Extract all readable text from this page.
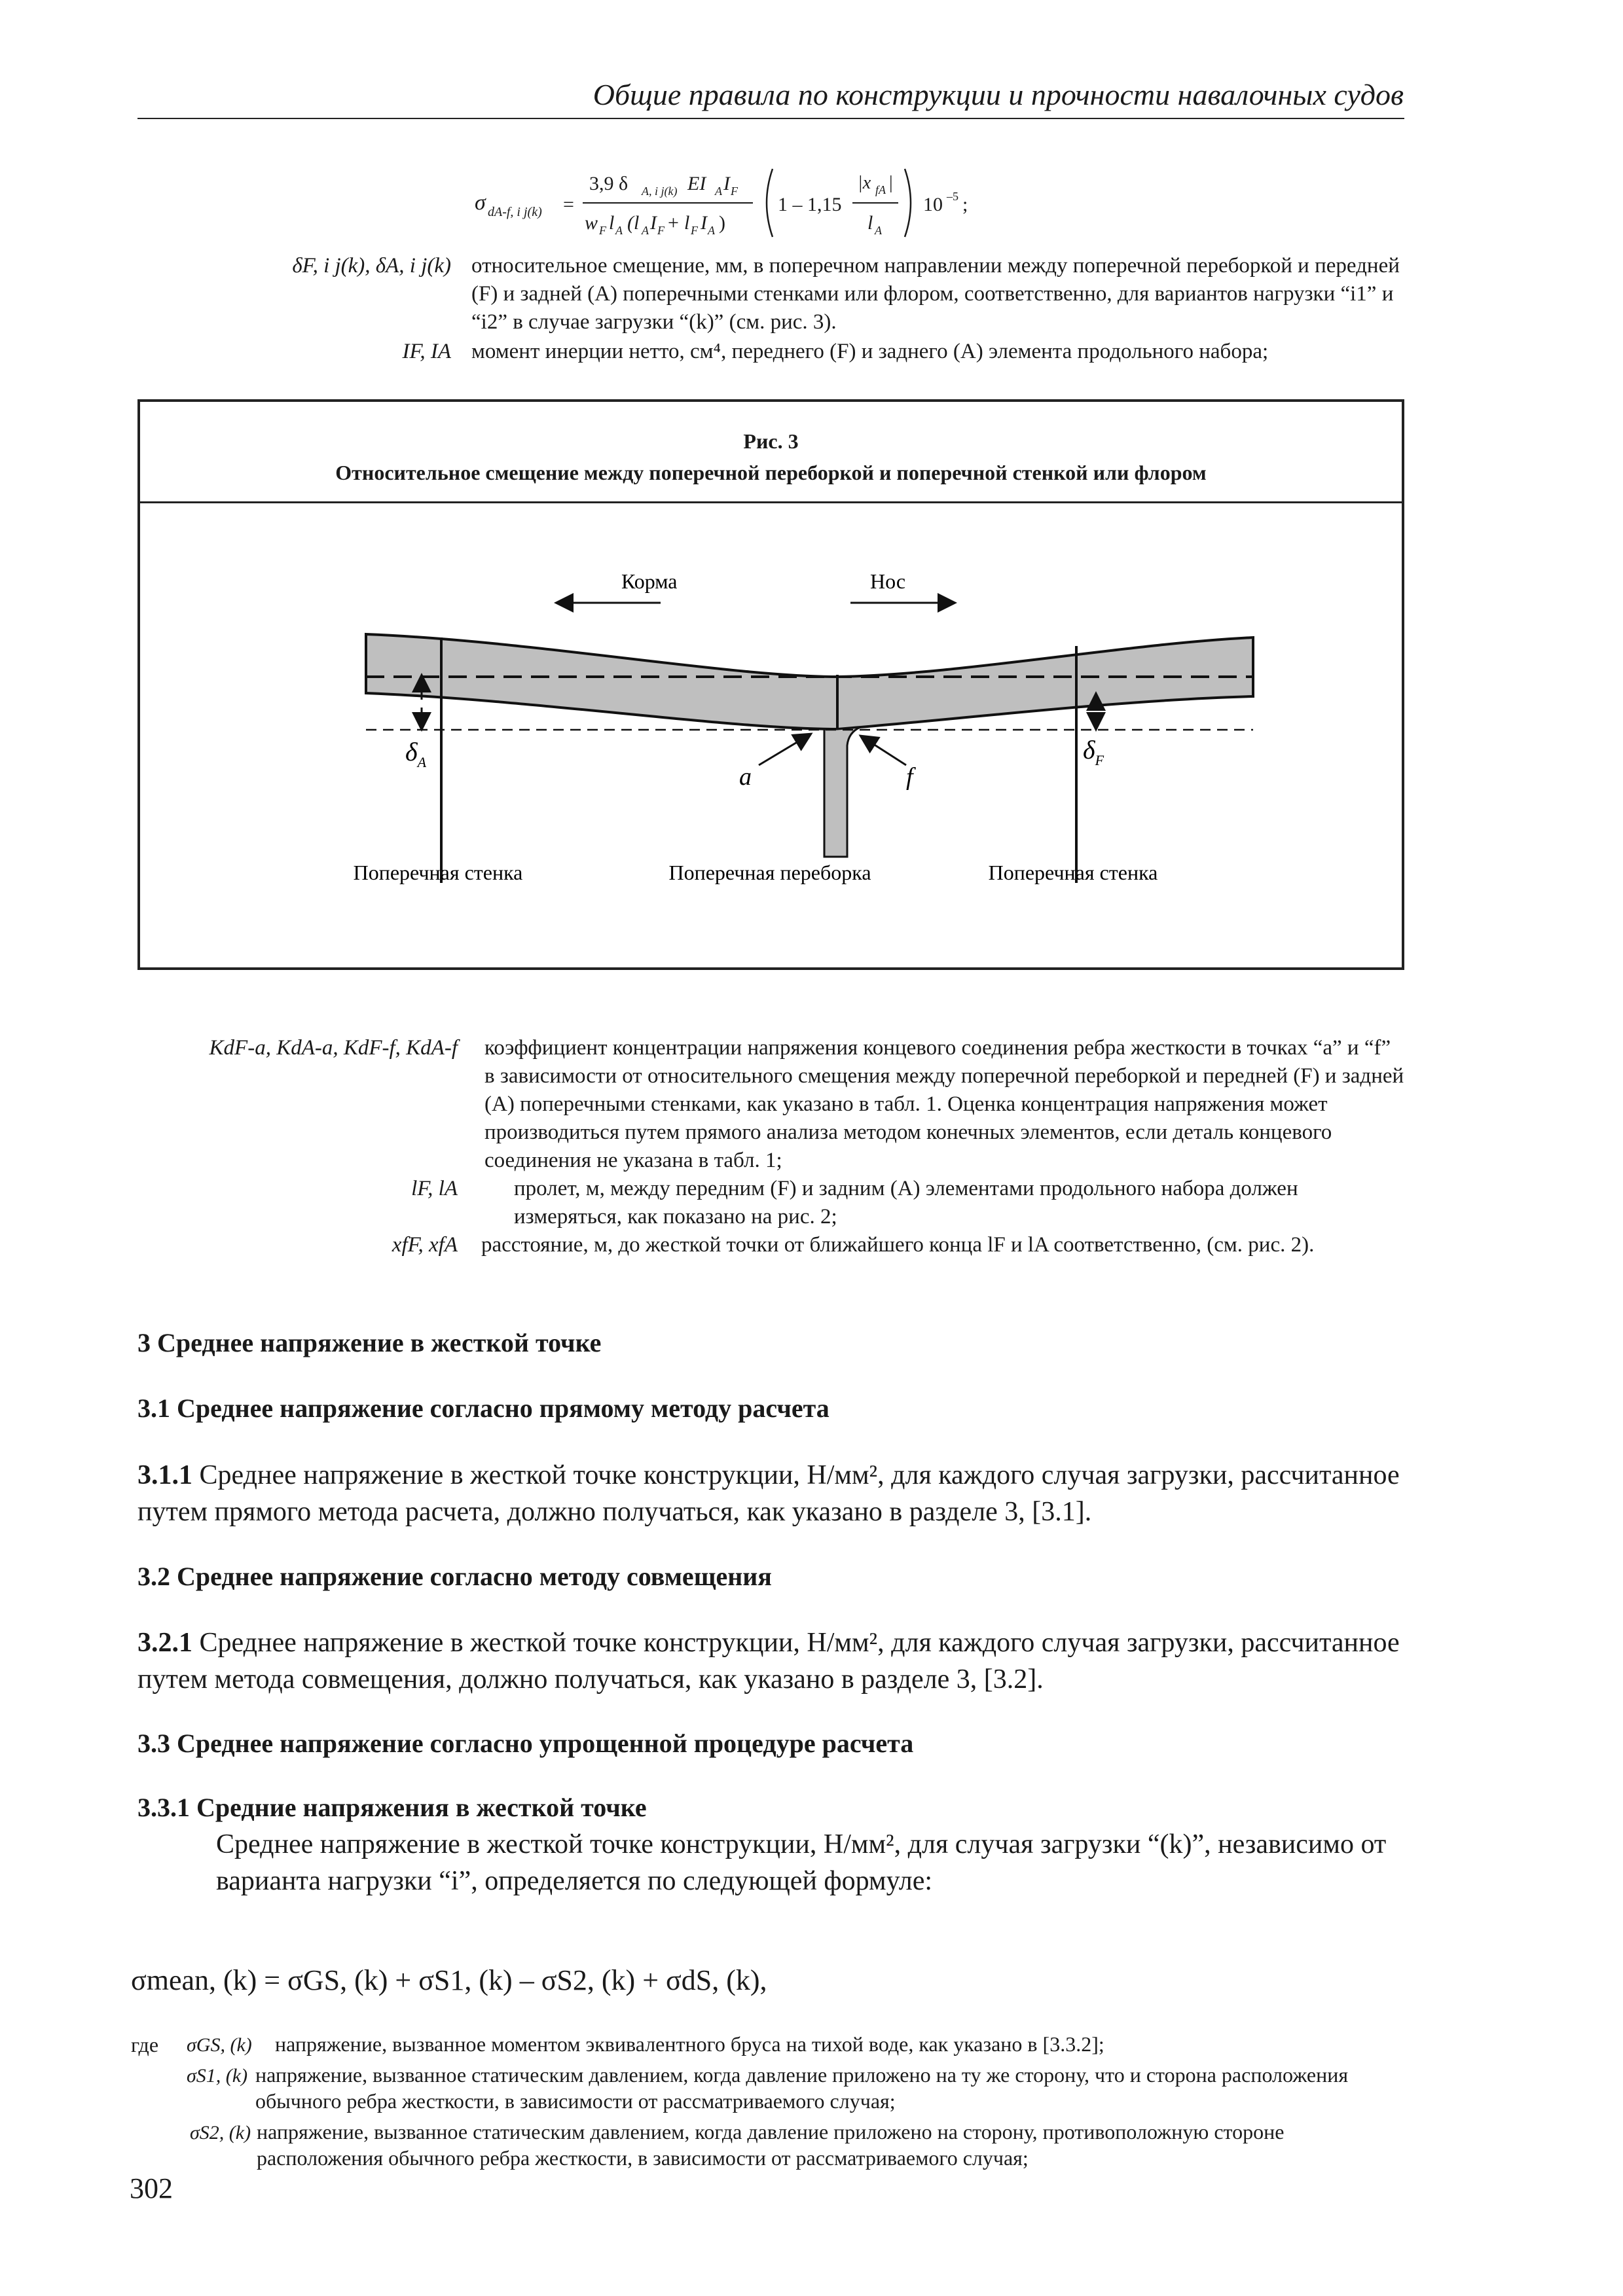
Общие правила по конструкции и прочности навалочных судов
σ dA-f, i j(k) =
3,9 δ A, i j(k) EI A I F
w F l A (l A I F + l F I A )
1 – 1,15
|x fA |
l A
10 –5 ;
δF, i j(k), δA, i j(k) относительное смещение, мм, в поперечном направлении между поперечной переборкой и передней (F) и задней (A) поперечными стенками или флором, соответственно, для вариантов нагрузки “i1” и “i2” в случае загрузки “(k)” (см. рис. 3).
IF, IA момент инерции нетто, см⁴, переднего (F) и заднего (A) элемента продольного набора;
Рис. 3
Относительное смещение между поперечной переборкой и поперечной стенкой или флором
Корма	Нос
$\delta_A$	$\delta_F$
a	f
Поперечная стенка	Поперечная переборка	Поперечная стенка
KdF-a, KdA-a, KdF-f, KdA-f коэффициент концентрации напряжения концевого соединения ребра жесткости в точках “a” и “f” в зависимости от относительного смещения между поперечной переборкой и передней (F) и задней (A) поперечными стенками, как указано в табл. 1. Оценка концентрация напряжения может производиться путем прямого анализа методом конечных элементов, если деталь концевого соединения не указана в табл. 1;
lF, lA	пролет, м, между передним (F) и задним (A) элементами продольного набора должен измеряться, как показано на рис. 2;
xfF, xfA расстояние, м, до жесткой точки от ближайшего конца lF и lA соответственно, (см. рис. 2).
3 Среднее напряжение в жесткой точке
3.1 Среднее напряжение согласно прямому методу расчета
3.1.1 Среднее напряжение в жесткой точке конструкции, Н/мм², для каждого случая загрузки, рассчитанное путем прямого метода расчета, должно получаться, как указано в разделе 3, [3.1].
3.2 Среднее напряжение согласно методу совмещения
3.2.1 Среднее напряжение в жесткой точке конструкции, Н/мм², для каждого случая загрузки, рассчитанное путем метода совмещения, должно получаться, как указано в разделе 3, [3.2].
3.3 Среднее напряжение согласно упрощенной процедуре расчета
3.3.1 Средние напряжения в жесткой точке
Среднее напряжение в жесткой точке конструкции, Н/мм², для случая загрузки “(k)”, независимо от варианта нагрузки “i”, определяется по следующей формуле:
σmean, (k) = σGS, (k) + σS1, (k) – σS2, (k) + σdS, (k),
где σGS, (k) напряжение, вызванное моментом эквивалентного бруса на тихой воде, как указано в [3.3.2];
σS1, (k) напряжение, вызванное статическим давлением, когда давление приложено на ту же сторону, что и сторона расположения обычного ребра жесткости, в зависимости от рассматриваемого случая;
σS2, (k) напряжение, вызванное статическим давлением, когда давление приложено на сторону, противоположную стороне расположения обычного ребра жесткости, в зависимости от рассматриваемого случая;
302
